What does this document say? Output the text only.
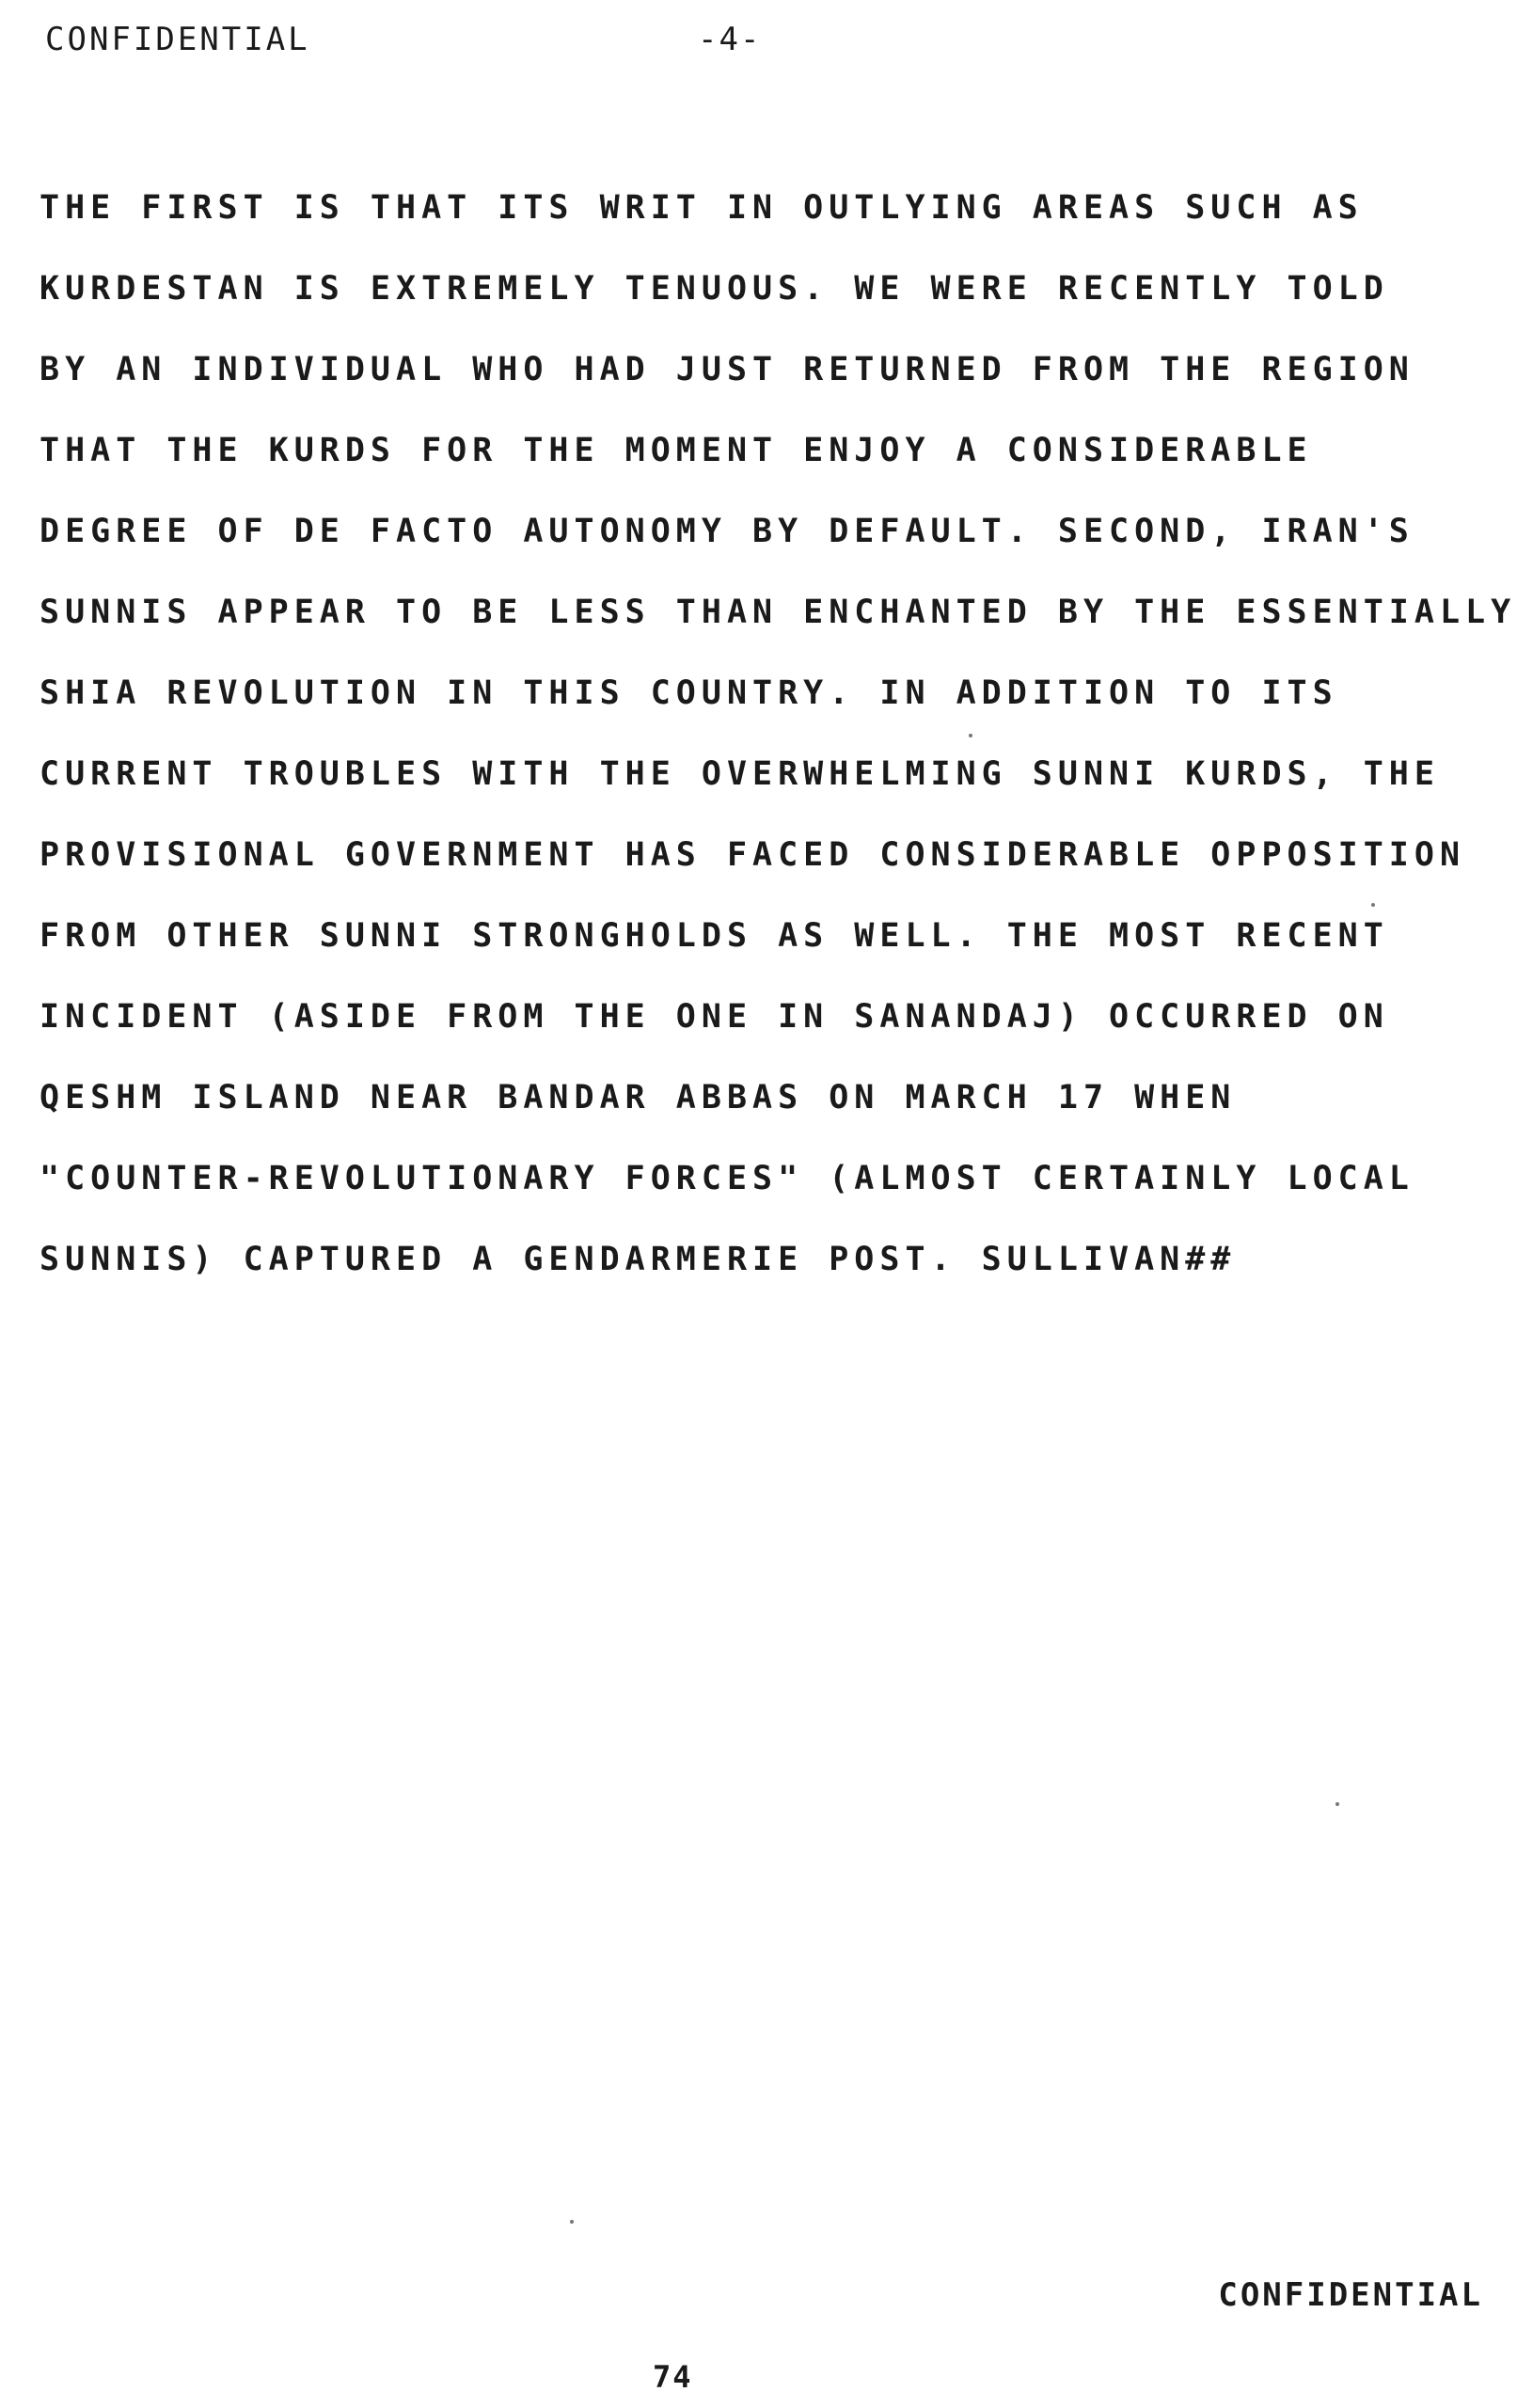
CONFIDENTIAL	-4-
THE FIRST IS THAT ITS WRIT IN OUTLYING AREAS SUCH AS
KURDESTAN IS EXTREMELY TENUOUS. WE WERE RECENTLY TOLD
BY AN INDIVIDUAL WHO HAD JUST RETURNED FROM THE REGION
THAT THE KURDS FOR THE MOMENT ENJOY A CONSIDERABLE
DEGREE OF DE FACTO AUTONOMY BY DEFAULT. SECOND, IRAN'S
SUNNIS APPEAR TO BE LESS THAN ENCHANTED BY THE ESSENTIALLY
SHIA REVOLUTION IN THIS COUNTRY. IN ADDITION TO ITS
CURRENT TROUBLES WITH THE OVERWHELMING SUNNI KURDS, THE
PROVISIONAL GOVERNMENT HAS FACED CONSIDERABLE OPPOSITION
FROM OTHER SUNNI STRONGHOLDS AS WELL. THE MOST RECENT
INCIDENT (ASIDE FROM THE ONE IN SANANDAJ) OCCURRED ON
QESHM ISLAND NEAR BANDAR ABBAS ON MARCH 17 WHEN
"COUNTER-REVOLUTIONARY FORCES" (ALMOST CERTAINLY LOCAL
SUNNIS) CAPTURED A GENDARMERIE POST. SULLIVAN##
CONFIDENTIAL
74
